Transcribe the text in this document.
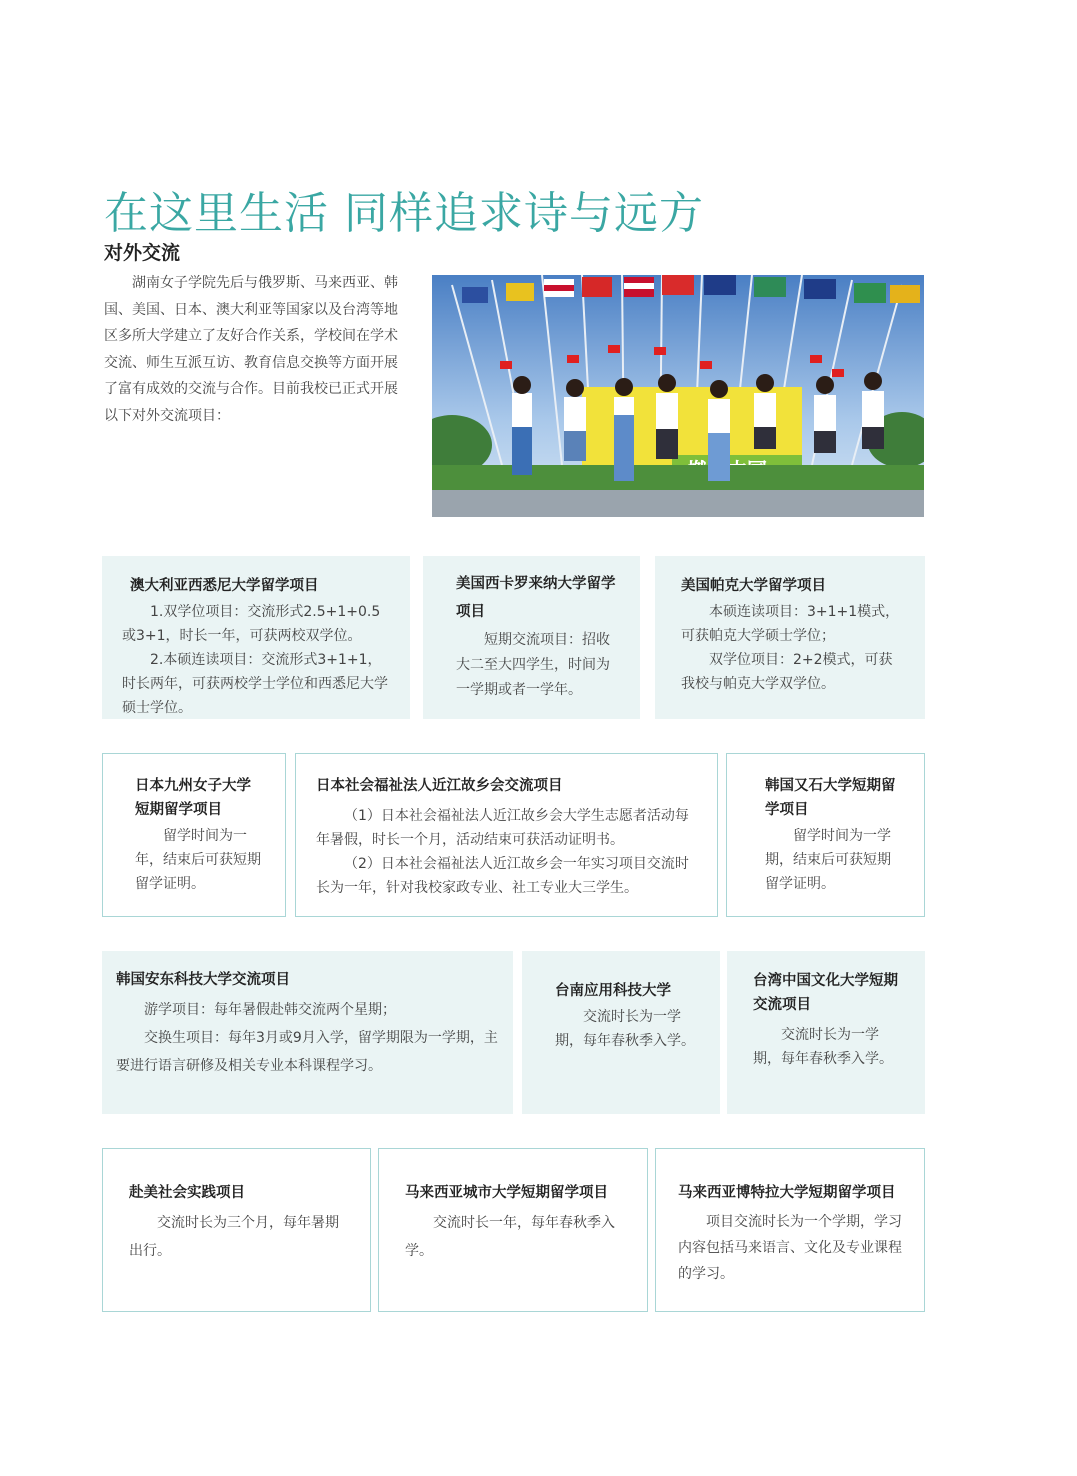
在这里生活 同样追求诗与远方
对外交流

湖南女子学院先后与俄罗斯、马来西亚、韩国、美国、日本、澳大利亚等国家以及台湾等地区多所大学建立了友好合作关系，学校间在学术交流、师生互派互访、教育信息交换等方面开展了富有成效的交流与合作。目前我校已正式开展以下对外交流项目：

澳大利亚西悉尼大学留学项目

1.双学位项目：交流形式2.5+1+0.5或3+1，时长一年，可获两校双学位。

2.本硕连读项目：交流形式3+1+1，时长两年，可获两校学士学位和西悉尼大学硕士学位。

美国西卡罗来纳大学留学项目

短期交流项目：招收大二至大四学生，时间为一学期或者一学年。

美国帕克大学留学项目

本硕连读项目：3+1+1模式，可获帕克大学硕士学位；

双学位项目：2+2模式，可获我校与帕克大学双学位。

日本九州女子大学短期留学项目

留学时间为一年，结束后可获短期留学证明。

日本社会福祉法人近江故乡会交流项目

（1）日本社会福祉法人近江故乡会大学生志愿者活动每年暑假，时长一个月，活动结束可获活动证明书。

（2）日本社会福祉法人近江故乡会一年实习项目交流时长为一年，针对我校家政专业、社工专业大三学生。

韩国又石大学短期留学项目

留学时间为一学期，结束后可获短期留学证明。

韩国安东科技大学交流项目

游学项目：每年暑假赴韩交流两个星期；

交换生项目：每年3月或9月入学，留学期限为一学期，主要进行语言研修及相关专业本科课程学习。

台南应用科技大学

交流时长为一学期，每年春秋季入学。

台湾中国文化大学短期交流项目

交流时长为一学期，每年春秋季入学。

赴美社会实践项目

交流时长为三个月，每年暑期出行。

马来西亚城市大学短期留学项目

交流时长一年，每年春秋季入学。

马来西亚博特拉大学短期留学项目

项目交流时长为一个学期，学习内容包括马来语言、文化及专业课程的学习。
